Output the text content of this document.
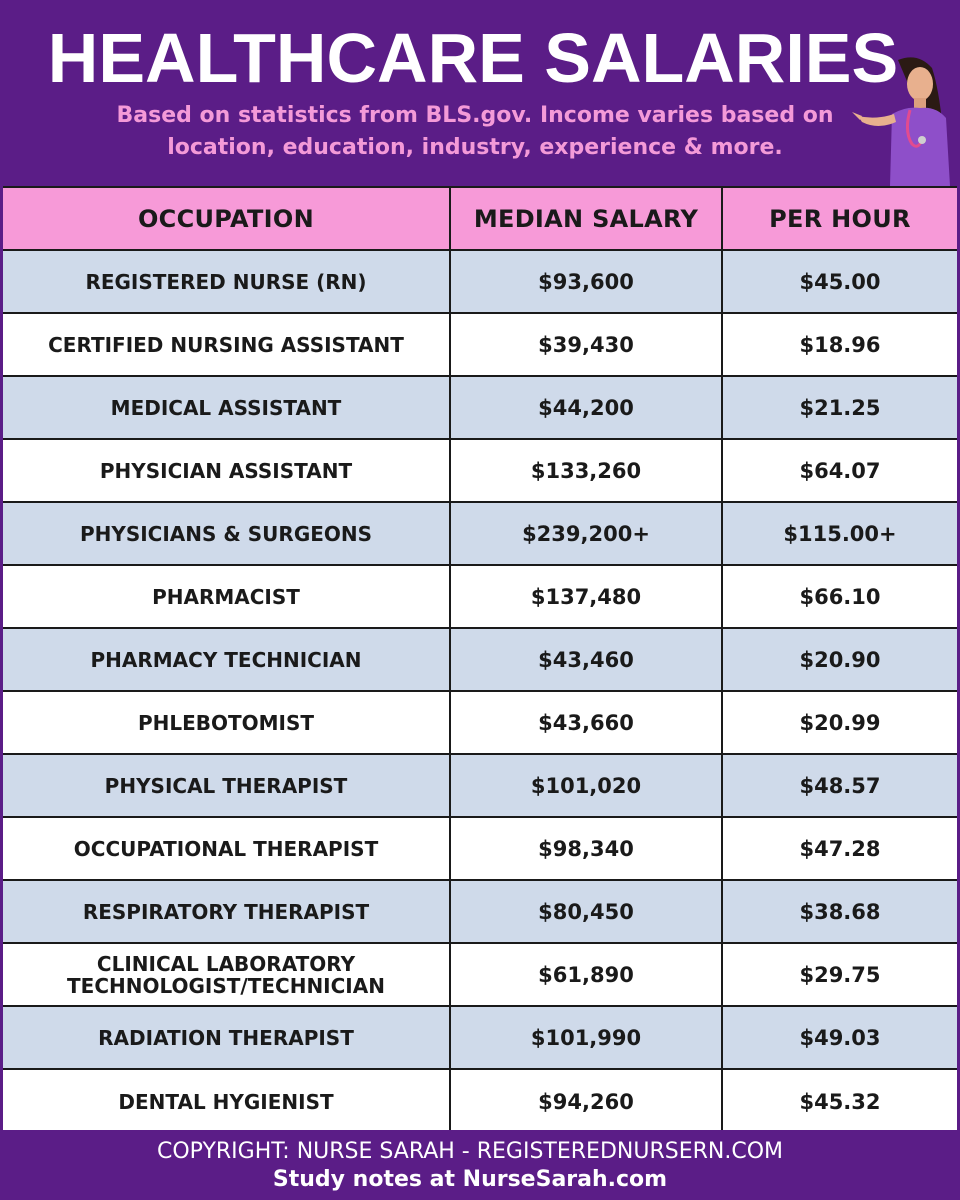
HEALTHCARE SALARIES
Based on statistics from BLS.gov. Income varies based on
location, education, industry, experience & more.
OCCUPATION	MEDIAN SALARY	PER HOUR
REGISTERED NURSE (RN)	$93,600	$45.00
CERTIFIED NURSING ASSISTANT	$39,430	$18.96
MEDICAL ASSISTANT	$44,200	$21.25
PHYSICIAN ASSISTANT	$133,260	$64.07
PHYSICIANS & SURGEONS	$239,200+	$115.00+
PHARMACIST	$137,480	$66.10
PHARMACY TECHNICIAN	$43,460	$20.90
PHLEBOTOMIST	$43,660	$20.99
PHYSICAL THERAPIST	$101,020	$48.57
OCCUPATIONAL THERAPIST	$98,340	$47.28
RESPIRATORY THERAPIST	$80,450	$38.68
CLINICAL LABORATORY TECHNOLOGIST/TECHNICIAN	$61,890	$29.75
RADIATION THERAPIST	$101,990	$49.03
DENTAL HYGIENIST	$94,260	$45.32
COPYRIGHT: NURSE SARAH - REGISTEREDNURSERN.COM
Study notes at NurseSarah.com
